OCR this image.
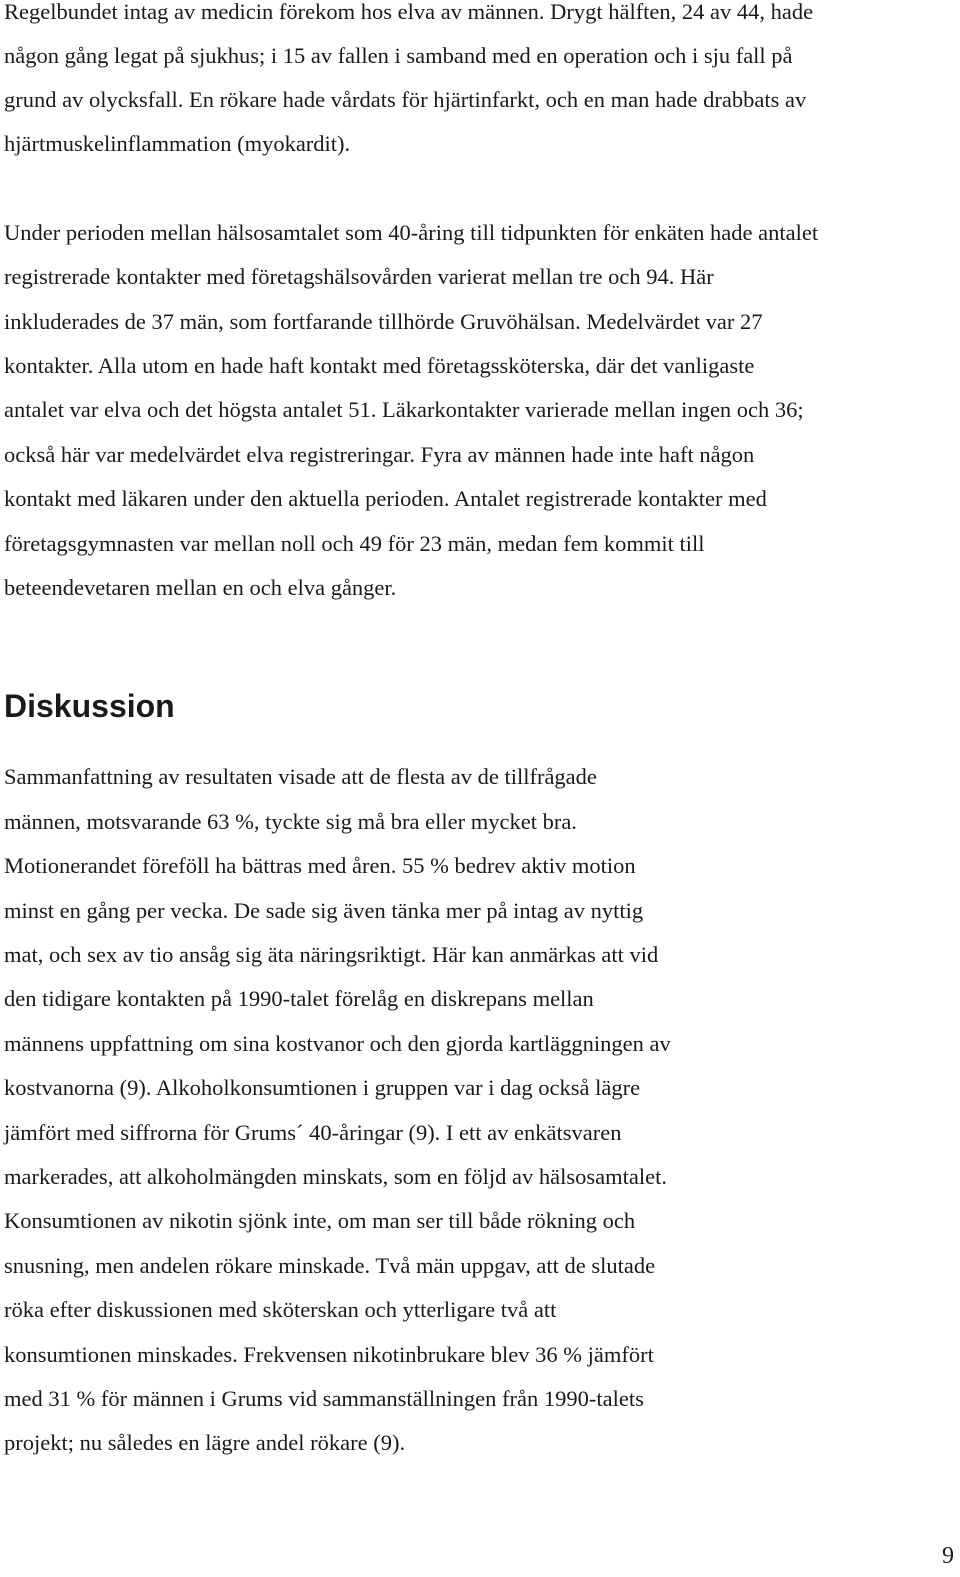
Regelbundet intag av medicin förekom hos elva av männen. Drygt hälften, 24 av 44, hade
någon gång legat på sjukhus; i 15 av fallen i samband med en operation och i sju fall på
grund av olycksfall. En rökare hade vårdats för hjärtinfarkt, och en man hade drabbats av
hjärtmuskelinflammation (myokardit).
Under perioden mellan hälsosamtalet som 40-åring till tidpunkten för enkäten hade antalet
registrerade kontakter med företagshälsovården varierat mellan tre och 94. Här
inkluderades de 37 män, som fortfarande tillhörde Gruvöhälsan. Medelvärdet var 27
kontakter. Alla utom en hade haft kontakt med företagssköterska, där det vanligaste
antalet var elva och det högsta antalet 51. Läkarkontakter varierade mellan ingen och 36;
också här var medelvärdet elva registreringar. Fyra av männen hade inte haft någon
kontakt med läkaren under den aktuella perioden. Antalet registrerade kontakter med
företagsgymnasten var mellan noll och 49 för 23 män, medan fem kommit till
beteendevetaren mellan en och elva gånger.
Diskussion
Sammanfattning av resultaten visade att de flesta av de tillfrågade
männen, motsvarande 63 %, tyckte sig må bra eller mycket bra.
Motionerandet föreföll ha bättras med åren. 55 % bedrev aktiv motion
minst en gång per vecka. De sade sig även tänka mer på intag av nyttig
mat, och sex av tio ansåg sig äta näringsriktigt. Här kan anmärkas att vid
den tidigare kontakten på 1990-talet förelåg en diskrepans mellan
männens uppfattning om sina kostvanor och den gjorda kartläggningen av
kostvanorna (9). Alkoholkonsumtionen i gruppen var i dag också lägre
jämfört med siffrorna för Grums´ 40-åringar (9). I ett av enkätsvaren
markerades, att alkoholmängden minskats, som en följd av hälsosamtalet.
Konsumtionen av nikotin sjönk inte, om man ser till både rökning och
snusning, men andelen rökare minskade. Två män uppgav, att de slutade
röka efter diskussionen med sköterskan och ytterligare två att
konsumtionen minskades. Frekvensen nikotinbrukare blev 36 % jämfört
med 31 % för männen i Grums vid sammanställningen från 1990-talets
projekt; nu således en lägre andel rökare (9).
9
